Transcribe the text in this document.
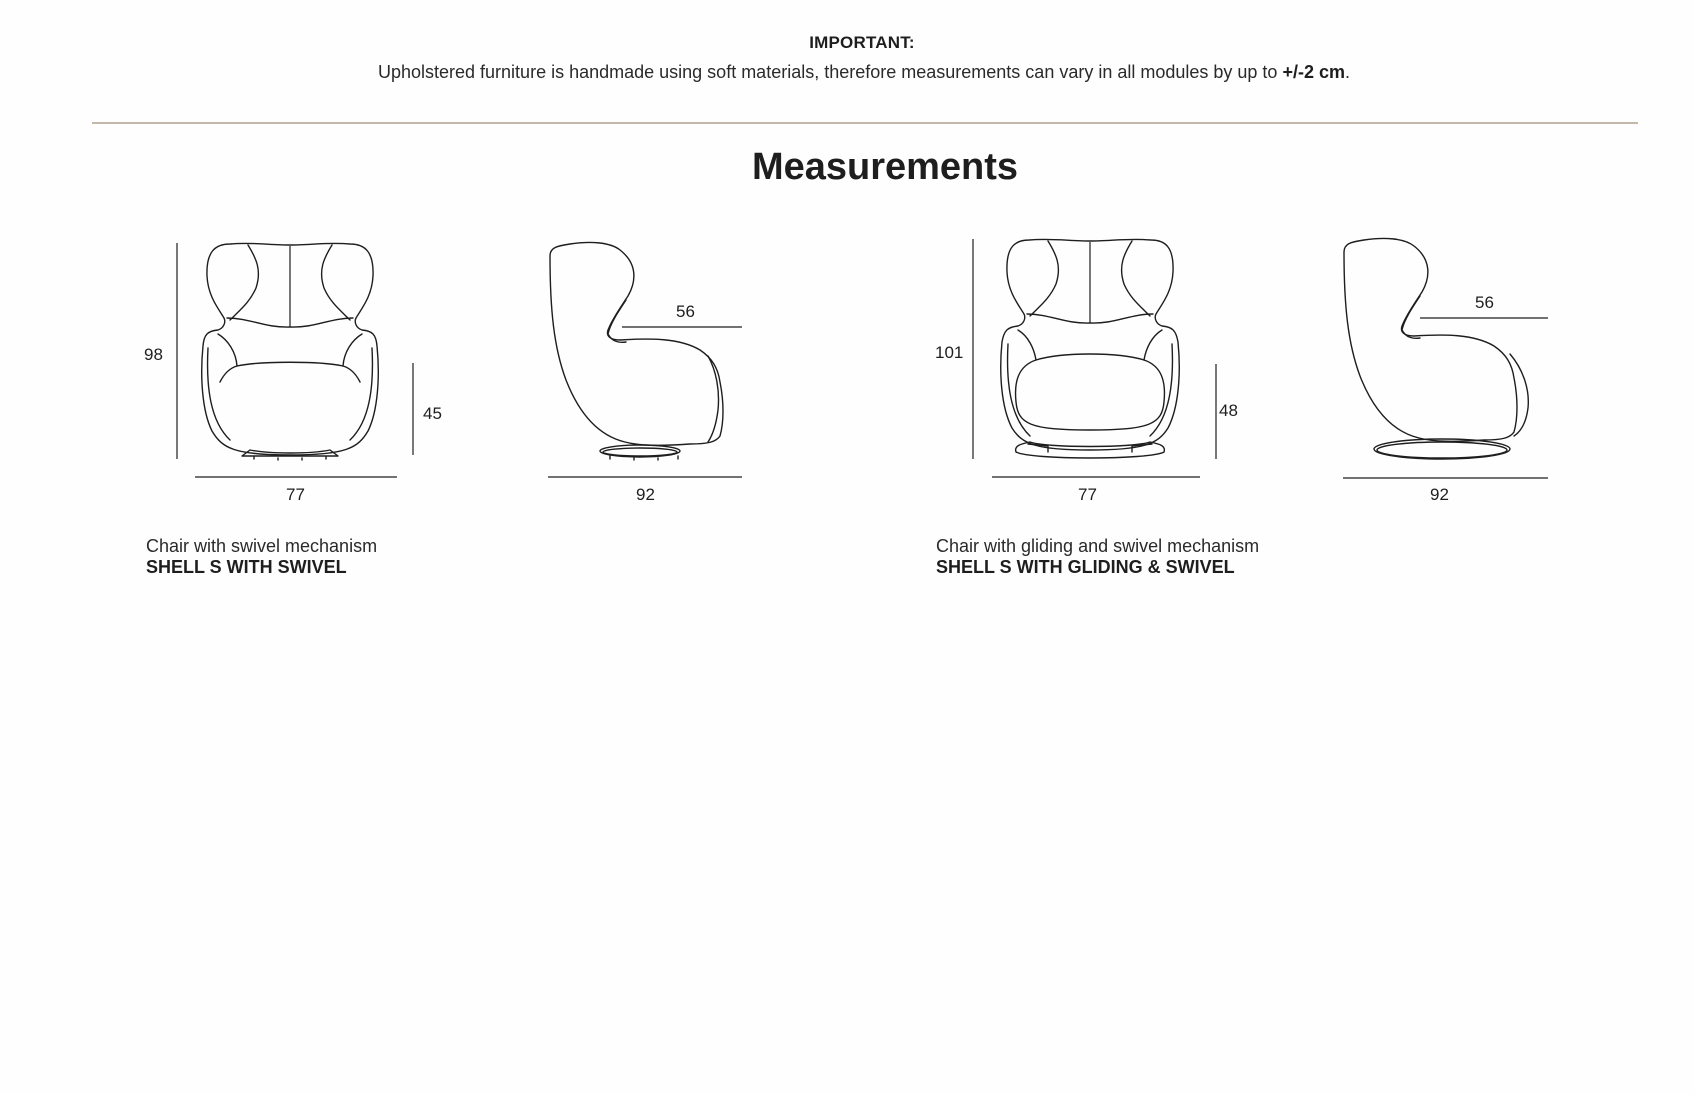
IMPORTANT:
Upholstered furniture is handmade using soft materials, therefore measurements can vary in all modules by up to +/-2 cm.
Measurements
98
45
77
56
92
Chair with swivel mechanism
SHELL S WITH SWIVEL
101
48
77
56
92
Chair with gliding and swivel mechanism
SHELL S WITH GLIDING & SWIVEL
